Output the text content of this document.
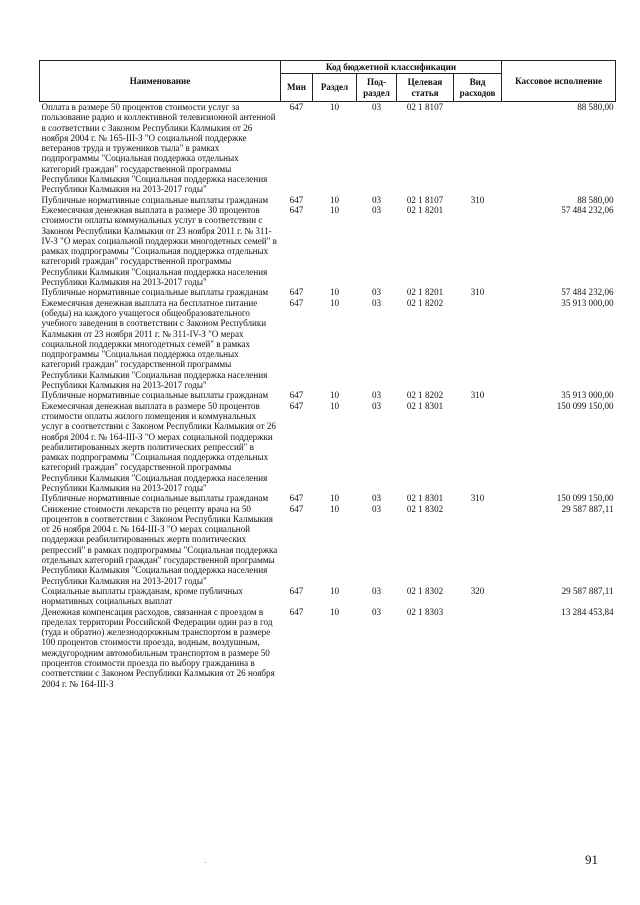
Наименование	Код бюджетной классификации					Кассовое исполнение
	Мин	Раздел	Под-раздел	Целевая статья	Вид расходов	
Оплата в размере 50 процентов стоимости услуг за пользование радио и коллективной телевизионной антенной в соответствии с Законом Республики Калмыкия от 26 ноября 2004 г. № 165-III-З "О социальной поддержке ветеранов труда и тружеников тыла" в рамках подпрограммы "Социальная поддержка отдельных категорий граждан" государственной программы Республики Калмыкия "Социальная поддержка населения Республики Калмыкия на 2013-2017 годы"	647	10	03	02 1 8107		88 580,00
Публичные нормативные социальные выплаты гражданам	647	10	03	02 1 8107	310	88 580,00
Ежемесячная денежная выплата в размере 30 процентов стоимости оплаты коммунальных услуг в соответствии с Законом Республики Калмыкия от 23 ноября 2011 г. № 311-IV-З "О мерах социальной поддержки многодетных семей" в рамках подпрограммы "Социальная поддержка отдельных категорий граждан" государственной программы Республики Калмыкия "Социальная поддержка населения Республики Калмыкия на 2013-2017 годы"	647	10	03	02 1 8201		57 484 232,06
Публичные нормативные социальные выплаты гражданам	647	10	03	02 1 8201	310	57 484 232,06
Ежемесячная денежная выплата на бесплатное питание (обеды) на каждого учащегося общеобразовательного учебного заведения в соответствии с Законом Республики Калмыкия от 23 ноября 2011 г. № 311-IV-З "О мерах социальной поддержки многодетных семей" в рамках подпрограммы "Социальная поддержка отдельных категорий граждан" государственной программы Республики Калмыкия "Социальная поддержка населения Республики Калмыкия на 2013-2017 годы"	647	10	03	02 1 8202		35 913 000,00
Публичные нормативные социальные выплаты гражданам	647	10	03	02 1 8202	310	35 913 000,00
Ежемесячная денежная выплата в размере 50 процентов стоимости оплаты жилого помещения и коммунальных услуг в соответствии с Законом Республики Калмыкия от 26 ноября 2004 г. № 164-III-З "О мерах социальной поддержки реабилитированных жертв политических репрессий" в рамках подпрограммы "Социальная поддержка отдельных категорий граждан" государственной программы Республики Калмыкия "Социальная поддержка населения Республики Калмыкия на 2013-2017 годы"	647	10	03	02 1 8301		150 099 150,00
Публичные нормативные социальные выплаты гражданам	647	10	03	02 1 8301	310	150 099 150,00
Снижение стоимости лекарств по рецепту врача на 50 процентов в соответствии с Законом Республики Калмыкия от 26 ноября 2004 г. № 164-III-З "О мерах социальной поддержки реабилитированных жертв политических репрессий" в рамках подпрограммы "Социальная поддержка отдельных категорий граждан" государственной программы Республики Калмыкия "Социальная поддержка населения Республики Калмыкия на 2013-2017 годы"	647	10	03	02 1 8302		29 587 887,11
Социальные выплаты гражданам, кроме публичных нормативных социальных выплат	647	10	03	02 1 8302	320	29 587 887,11
Денежная компенсация расходов, связанная с проездом в пределах территории Российской Федерации один раз в год (туда и обратно) железнодорожным транспортом в размере 100 процентов стоимости проезда, водным, воздушным, междугородним автомобильным транспортом в размере 50 процентов стоимости проезда по выбору гражданина в соответствии с Законом Республики Калмыкия от 26 ноября 2004 г. № 164-III-З	647	10	03	02 1 8303		13 284 453,84
91
